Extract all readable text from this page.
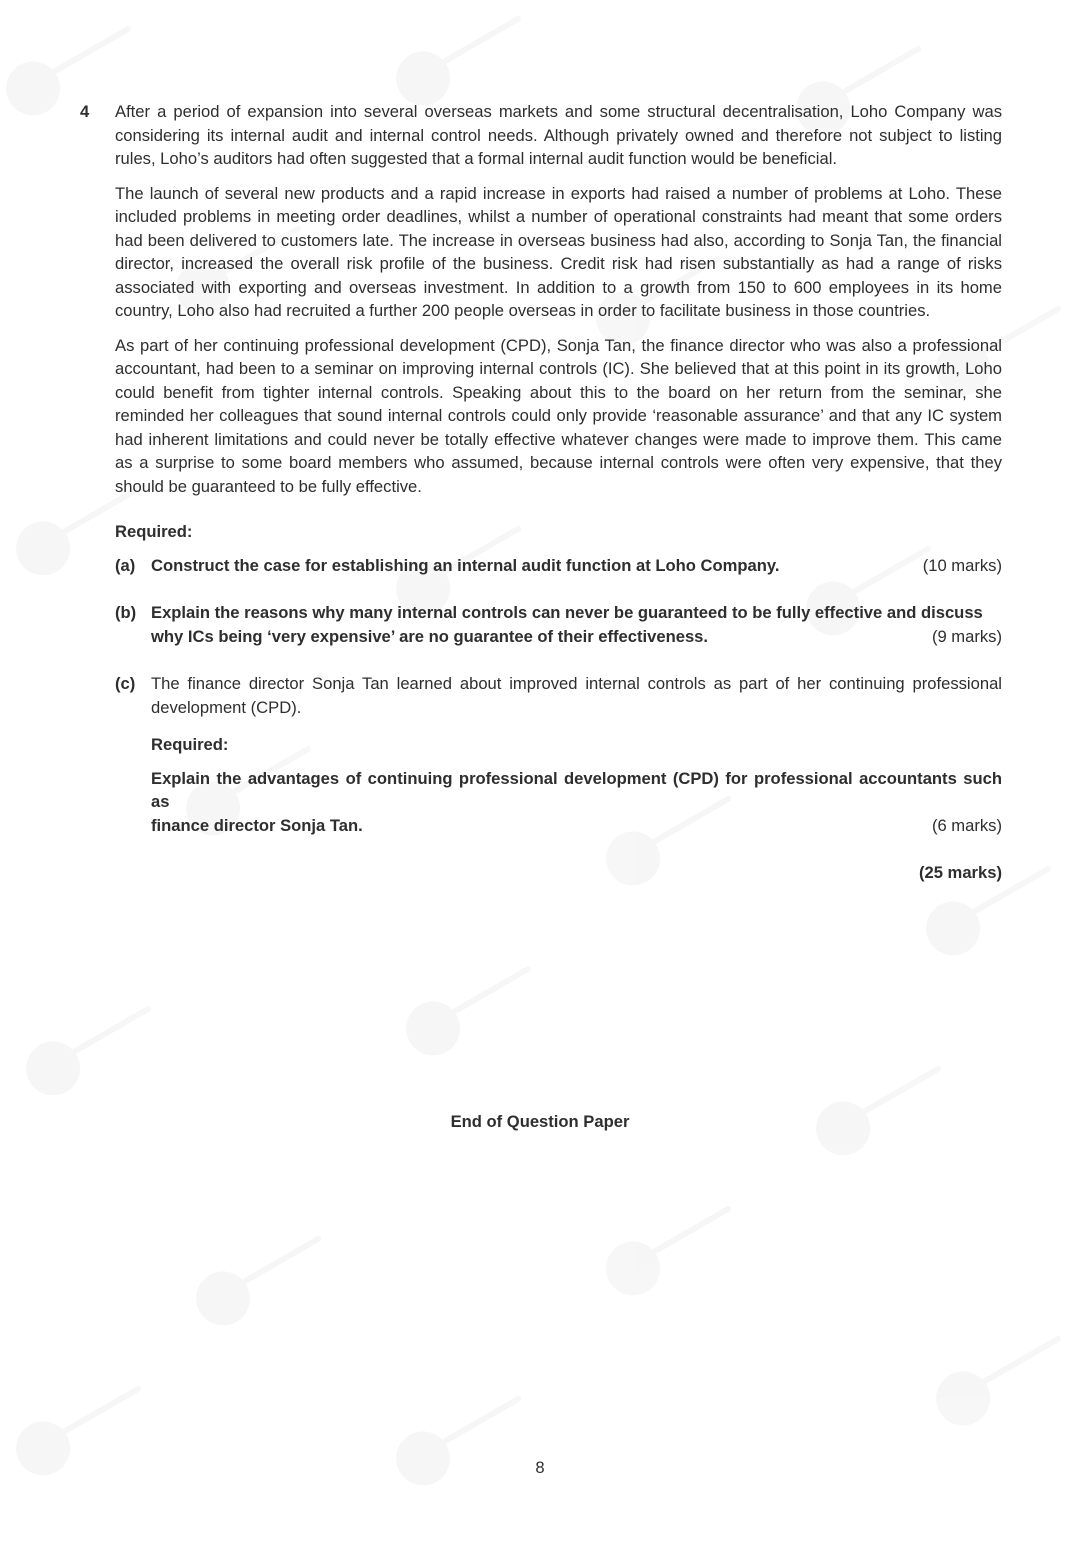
4 After a period of expansion into several overseas markets and some structural decentralisation, Loho Company was considering its internal audit and internal control needs. Although privately owned and therefore not subject to listing rules, Loho’s auditors had often suggested that a formal internal audit function would be beneficial.

The launch of several new products and a rapid increase in exports had raised a number of problems at Loho. These included problems in meeting order deadlines, whilst a number of operational constraints had meant that some orders had been delivered to customers late. The increase in overseas business had also, according to Sonja Tan, the financial director, increased the overall risk profile of the business. Credit risk had risen substantially as had a range of risks associated with exporting and overseas investment. In addition to a growth from 150 to 600 employees in its home country, Loho also had recruited a further 200 people overseas in order to facilitate business in those countries.

As part of her continuing professional development (CPD), Sonja Tan, the finance director who was also a professional accountant, had been to a seminar on improving internal controls (IC). She believed that at this point in its growth, Loho could benefit from tighter internal controls. Speaking about this to the board on her return from the seminar, she reminded her colleagues that sound internal controls could only provide ‘reasonable assurance’ and that any IC system had inherent limitations and could never be totally effective whatever changes were made to improve them. This came as a surprise to some board members who assumed, because internal controls were often very expensive, that they should be guaranteed to be fully effective.

Required:
(a) Construct the case for establishing an internal audit function at Loho Company.	(10 marks)
(b) Explain the reasons why many internal controls can never be guaranteed to be fully effective and discuss
why ICs being ‘very expensive’ are no guarantee of their effectiveness.	(9 marks)
(c) The finance director Sonja Tan learned about improved internal controls as part of her continuing professional development (CPD).
Required:
Explain the advantages of continuing professional development (CPD) for professional accountants such as
finance director Sonja Tan.	(6 marks)
(25 marks)
End of Question Paper
8
